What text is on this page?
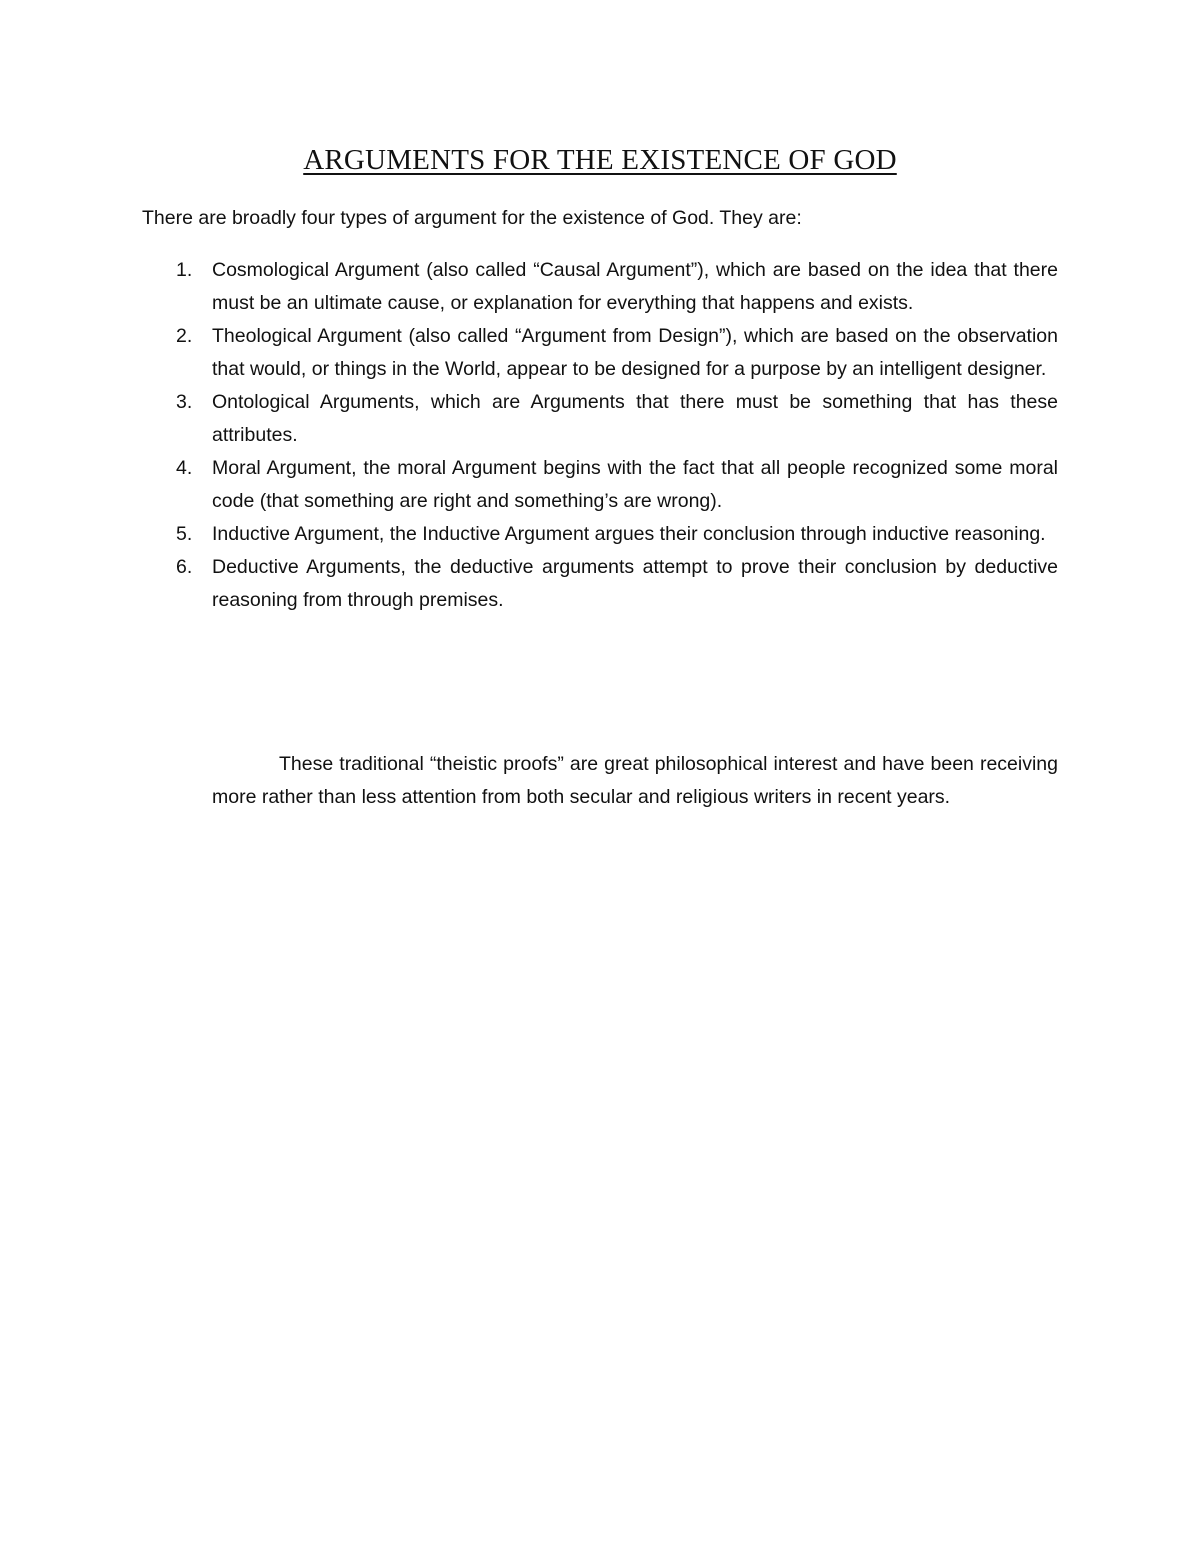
ARGUMENTS FOR THE EXISTENCE OF GOD

There are broadly four types of argument for the existence of God. They are:

1.	Cosmological Argument (also called “Causal Argument”), which are based on the idea that there must be an ultimate cause, or explanation for everything that happens and exists.
2.	Theological Argument (also called “Argument from Design”), which are based on the observation that would, or things in the World, appear to be designed for a purpose by an intelligent designer.
3.	Ontological Arguments, which are Arguments that there must be something that has these attributes.
4.	Moral Argument, the moral Argument begins with the fact that all people recognized some moral code (that something are right and something’s are wrong).
5.	Inductive Argument, the Inductive Argument argues their conclusion through inductive reasoning.
6.	Deductive Arguments, the deductive arguments attempt to prove their conclusion by deductive reasoning from through premises.

These traditional “theistic proofs” are great philosophical interest and have been receiving more rather than less attention from both secular and religious writers in recent years.
